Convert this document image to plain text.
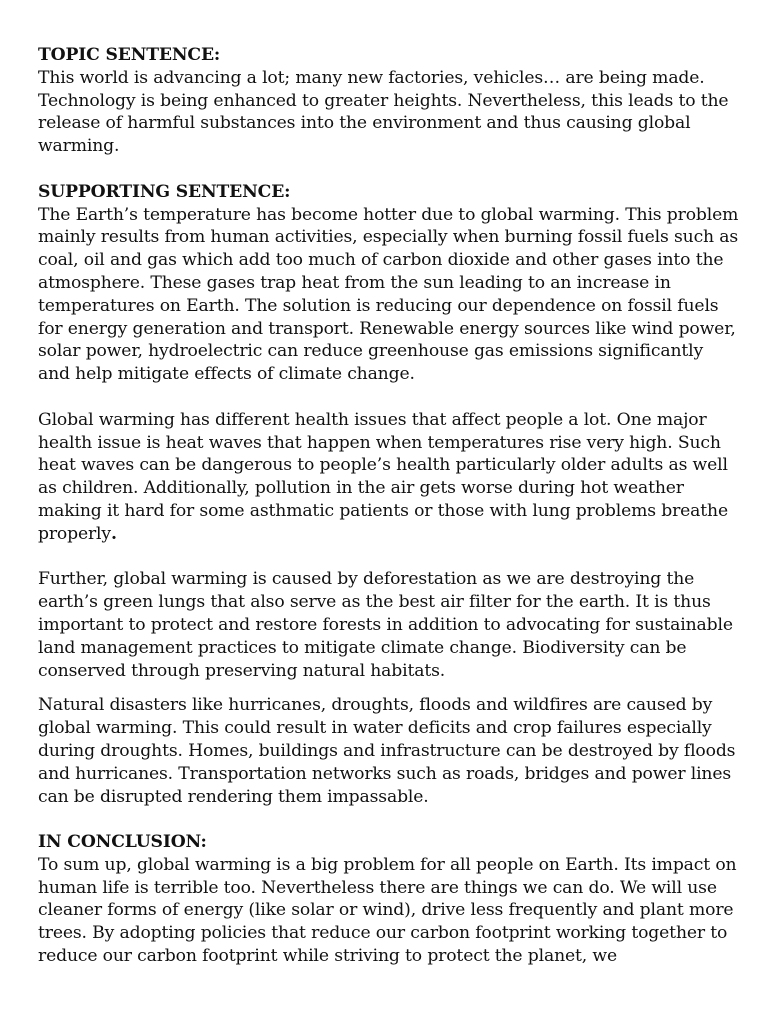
TOPIC SENTENCE:
This world is advancing a lot; many new factories, vehicles… are being made. Technology is being enhanced to greater heights. Nevertheless, this leads to the release of harmful substances into the environment and thus causing global warming.
SUPPORTING SENTENCE:
The Earth’s temperature has become hotter due to global warming. This problem mainly results from human activities, especially when burning fossil fuels such as coal, oil and gas which add too much of carbon dioxide and other gases into the atmosphere. These gases trap heat from the sun leading to an increase in temperatures on Earth. The solution is reducing our dependence on fossil fuels for energy generation and transport. Renewable energy sources like wind power, solar power, hydroelectric can reduce greenhouse gas emissions significantly and help mitigate effects of climate change.

Global warming has different health issues that affect people a lot. One major health issue is heat waves that happen when temperatures rise very high. Such heat waves can be dangerous to people’s health particularly older adults as well as children. Additionally, pollution in the air gets worse during hot weather making it hard for some asthmatic patients or those with lung problems breathe properly.

Further, global warming is caused by deforestation as we are destroying the earth’s green lungs that also serve as the best air filter for the earth. It is thus important to protect and restore forests in addition to advocating for sustainable land management practices to mitigate climate change. Biodiversity can be conserved through preserving natural habitats.
Natural disasters like hurricanes, droughts, floods and wildfires are caused by global warming. This could result in water deficits and crop failures especially during droughts. Homes, buildings and infrastructure can be destroyed by floods and hurricanes. Transportation networks such as roads, bridges and power lines can be disrupted rendering them impassable.
IN CONCLUSION:
To sum up, global warming is a big problem for all people on Earth. Its impact on human life is terrible too. Nevertheless there are things we can do. We will use cleaner forms of energy (like solar or wind), drive less frequently and plant more trees. By adopting policies that reduce our carbon footprint working together to reduce our carbon footprint while striving to protect the planet, we
